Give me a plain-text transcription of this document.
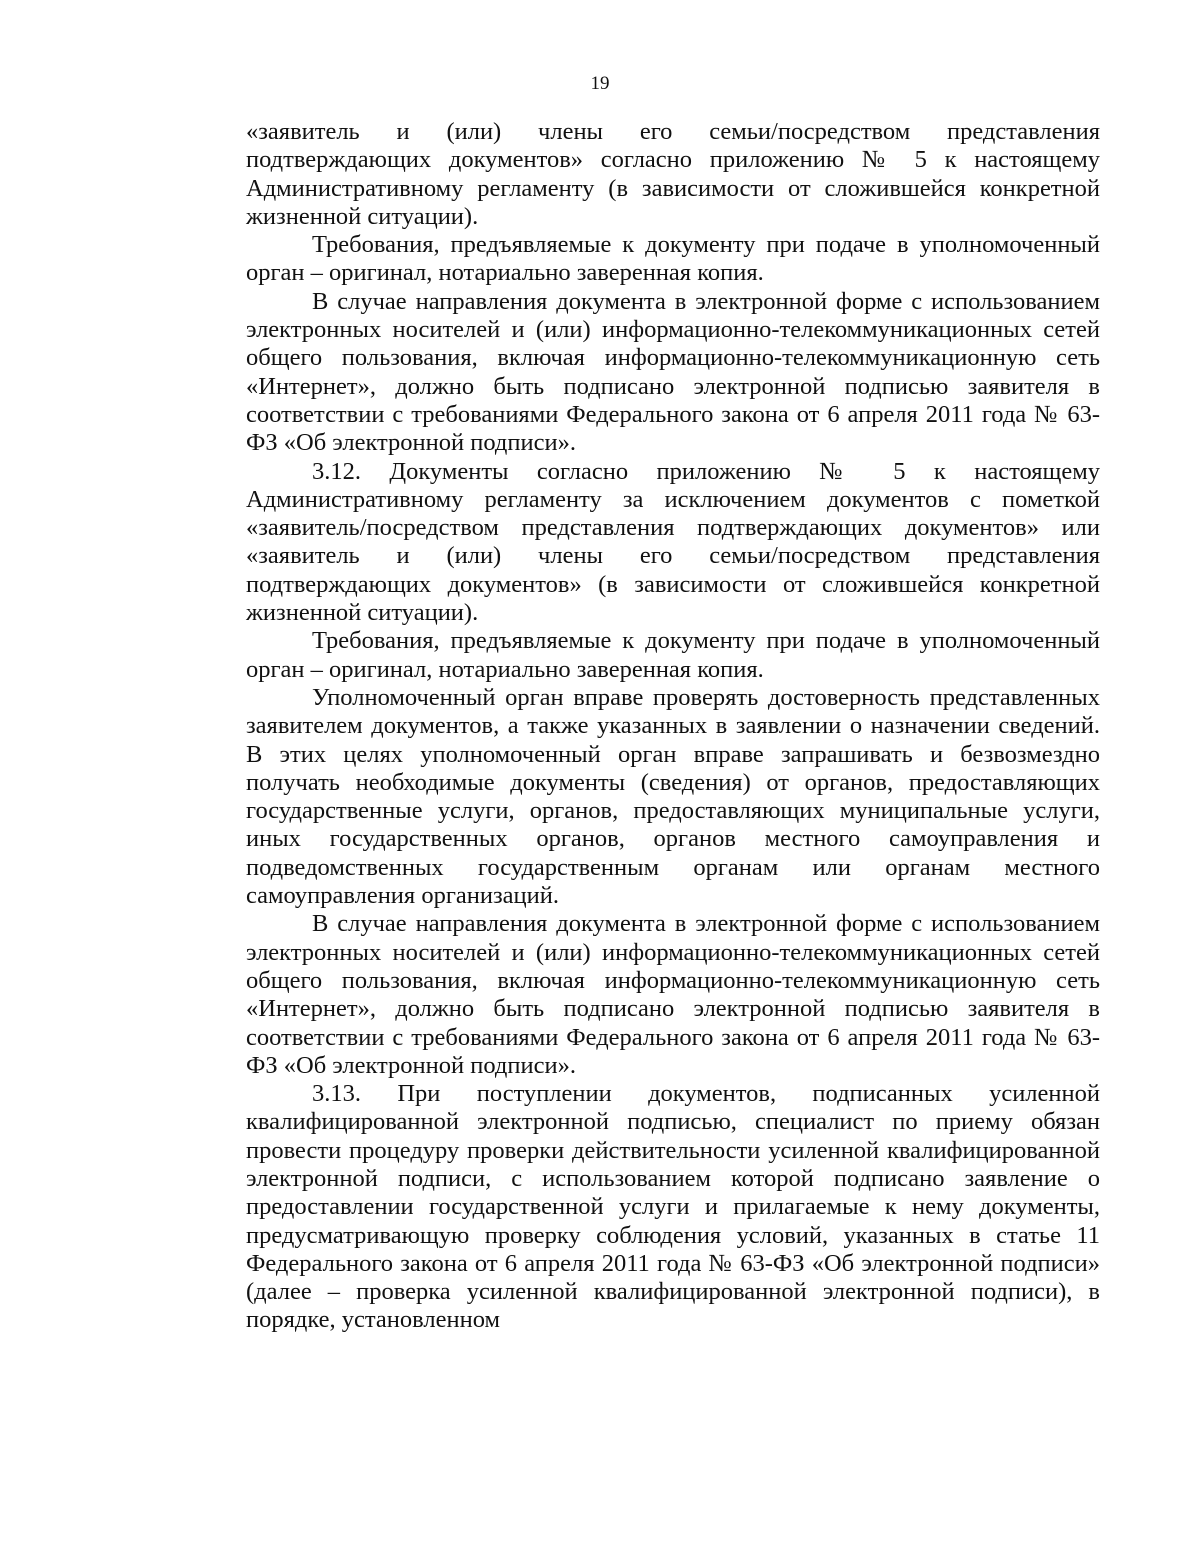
19

«заявитель и (или) члены его семьи/посредством представления подтверждающих документов» согласно приложению № 5 к настоящему Административному регламенту (в зависимости от сложившейся конкретной жизненной ситуации).

Требования, предъявляемые к документу при подаче в уполномоченный орган – оригинал, нотариально заверенная копия.

В случае направления документа в электронной форме с использованием электронных носителей и (или) информационно-телекоммуникационных сетей общего пользования, включая информационно-телекоммуникационную сеть «Интернет», должно быть подписано электронной подписью заявителя в соответствии с требованиями Федерального закона от 6 апреля 2011 года № 63-ФЗ «Об электронной подписи».

3.12. Документы согласно приложению № 5 к настоящему Административному регламенту за исключением документов с пометкой «заявитель/посредством представления подтверждающих документов» или «заявитель и (или) члены его семьи/посредством представления подтверждающих документов» (в зависимости от сложившейся конкретной жизненной ситуации).

Требования, предъявляемые к документу при подаче в уполномоченный орган – оригинал, нотариально заверенная копия.

Уполномоченный орган вправе проверять достоверность представленных заявителем документов, а также указанных в заявлении о назначении сведений. В этих целях уполномоченный орган вправе запрашивать и безвозмездно получать необходимые документы (сведения) от органов, предоставляющих государственные услуги, органов, предоставляющих муниципальные услуги, иных государственных органов, органов местного самоуправления и подведомственных государственным органам или органам местного самоуправления организаций.

В случае направления документа в электронной форме с использованием электронных носителей и (или) информационно-телекоммуникационных сетей общего пользования, включая информационно-телекоммуникационную сеть «Интернет», должно быть подписано электронной подписью заявителя в соответствии с требованиями Федерального закона от 6 апреля 2011 года № 63-ФЗ «Об электронной подписи».

3.13. При поступлении документов, подписанных усиленной квалифицированной электронной подписью, специалист по приему обязан провести процедуру проверки действительности усиленной квалифицированной электронной подписи, с использованием которой подписано заявление о предоставлении государственной услуги и прилагаемые к нему документы, предусматривающую проверку соблюдения условий, указанных в статье 11 Федерального закона от 6 апреля 2011 года № 63-ФЗ «Об электронной подписи» (далее – проверка усиленной квалифицированной электронной подписи), в порядке, установленном
